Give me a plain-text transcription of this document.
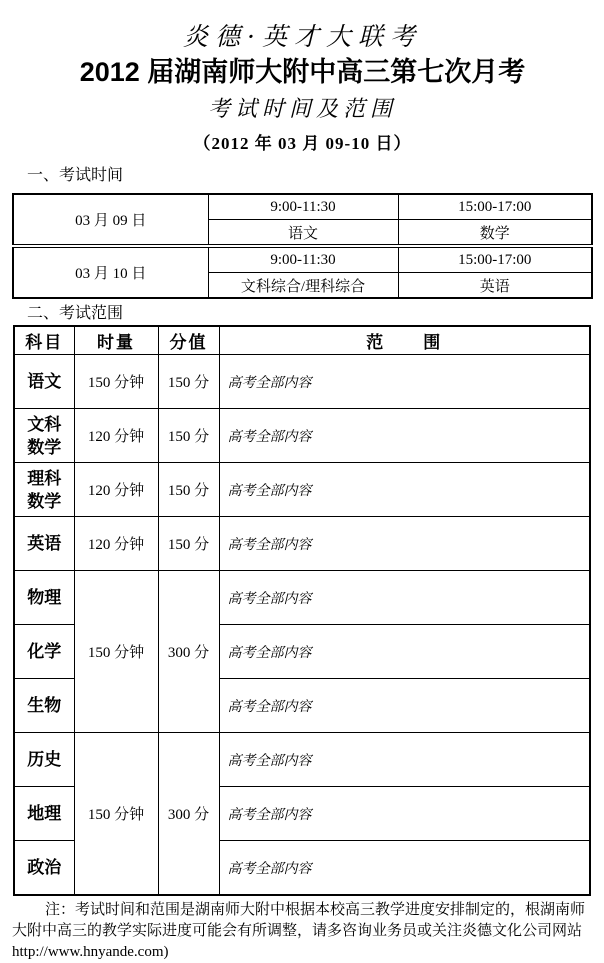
炎德·英才大联考
2012 届湖南师大附中高三第七次月考
考试时间及范围
（2012 年 03 月 09-10 日）
一、考试时间
03 月 09 日	9:00-11:30	15:00-17:00
	语文	数学
03 月 10 日	9:00-11:30	15:00-17:00
	文科综合/理科综合	英语
二、考试范围
科目	时量	分值	范　　围
语文	150 分钟	150 分	高考全部内容
文科数学	120 分钟	150 分	高考全部内容
理科数学	120 分钟	150 分	高考全部内容
英语	120 分钟	150 分	高考全部内容
物理	150 分钟	300 分	高考全部内容
化学			高考全部内容
生物			高考全部内容
历史	150 分钟	300 分	高考全部内容
地理			高考全部内容
政治			高考全部内容
注：考试时间和范围是湖南师大附中根据本校高三教学进度安排制定的，根湖南师
大附中高三的教学实际进度可能会有所调整，请多咨询业务员或关注炎德文化公司网站
http://www.hnyande.com)
